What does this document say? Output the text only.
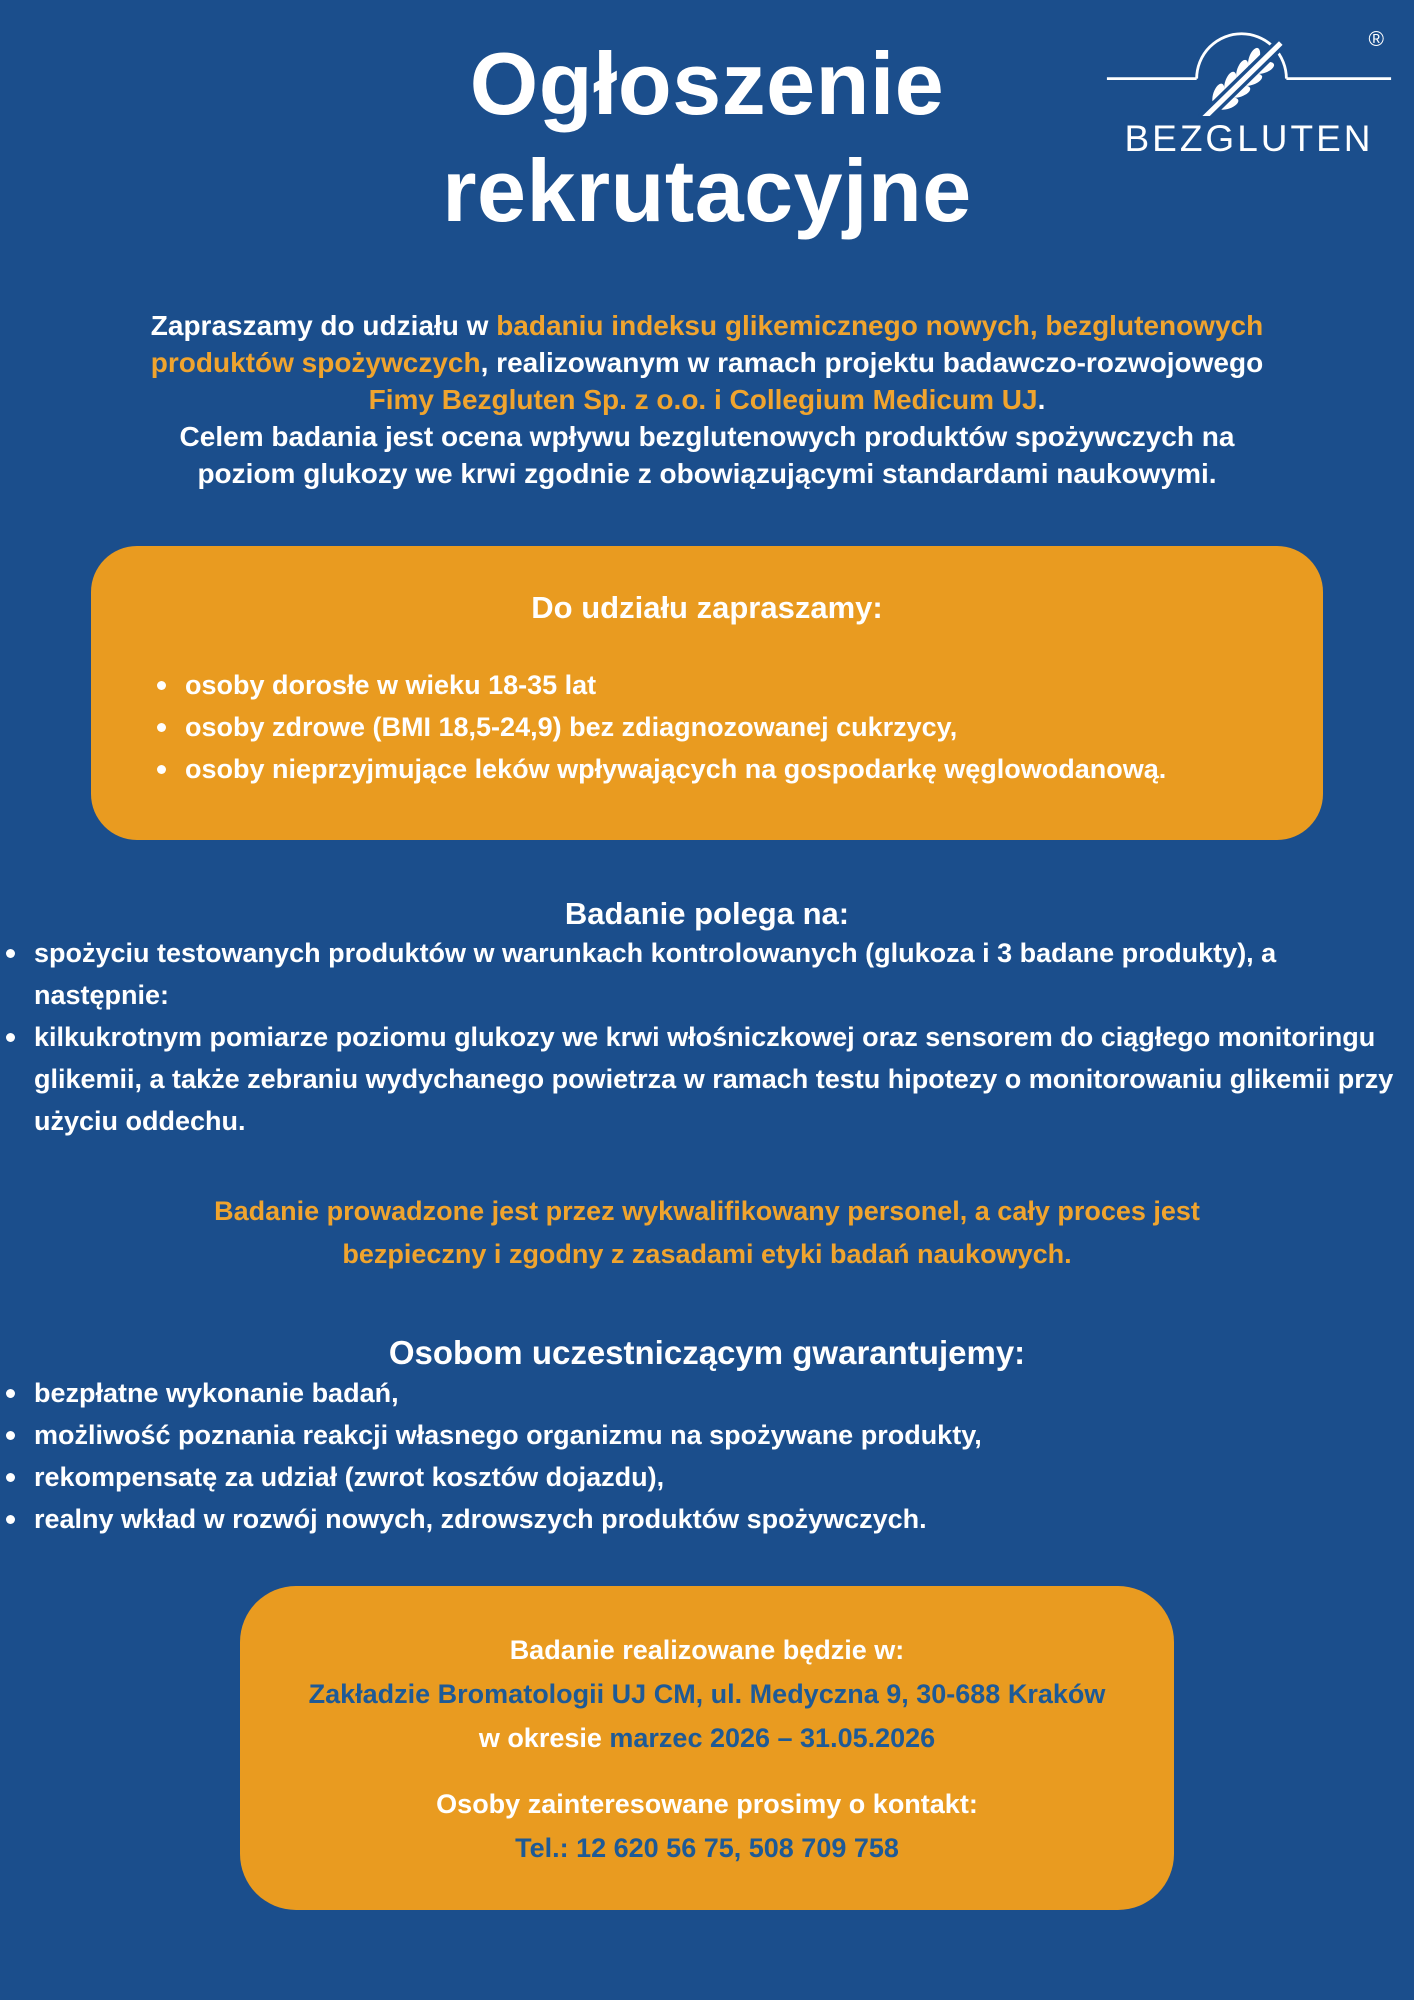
Ogłoszenie
rekrutacyjne
®
BEZGLUTEN
Zapraszamy do udziału w badaniu indeksu glikemicznego nowych, bezglutenowych
produktów spożywczych, realizowanym w ramach projektu badawczo-rozwojowego
Fimy Bezgluten Sp. z o.o. i Collegium Medicum UJ.
Celem badania jest ocena wpływu bezglutenowych produktów spożywczych na
poziom glukozy we krwi zgodnie z obowiązującymi standardami naukowymi.
Do udziału zapraszamy:
osoby dorosłe w wieku 18-35 lat
osoby zdrowe (BMI 18,5-24,9) bez zdiagnozowanej cukrzycy,
osoby nieprzyjmujące leków wpływających na gospodarkę węglowodanową.
Badanie polega na:
spożyciu testowanych produktów w warunkach kontrolowanych (glukoza i 3 badane produkty), a następnie:
kilkukrotnym pomiarze poziomu glukozy we krwi włośniczkowej oraz sensorem do ciągłego monitoringu glikemii, a także zebraniu wydychanego powietrza w ramach testu hipotezy o monitorowaniu glikemii przy użyciu oddechu.
Badanie prowadzone jest przez wykwalifikowany personel, a cały proces jest
bezpieczny i zgodny z zasadami etyki badań naukowych.
Osobom uczestniczącym gwarantujemy:
bezpłatne wykonanie badań,
możliwość poznania reakcji własnego organizmu na spożywane produkty,
rekompensatę za udział (zwrot kosztów dojazdu),
realny wkład w rozwój nowych, zdrowszych produktów spożywczych.
Badanie realizowane będzie w:
Zakładzie Bromatologii UJ CM, ul. Medyczna 9, 30-688 Kraków
w okresie marzec 2026 – 31.05.2026
Osoby zainteresowane prosimy o kontakt:
Tel.: 12 620 56 75, 508 709 758
